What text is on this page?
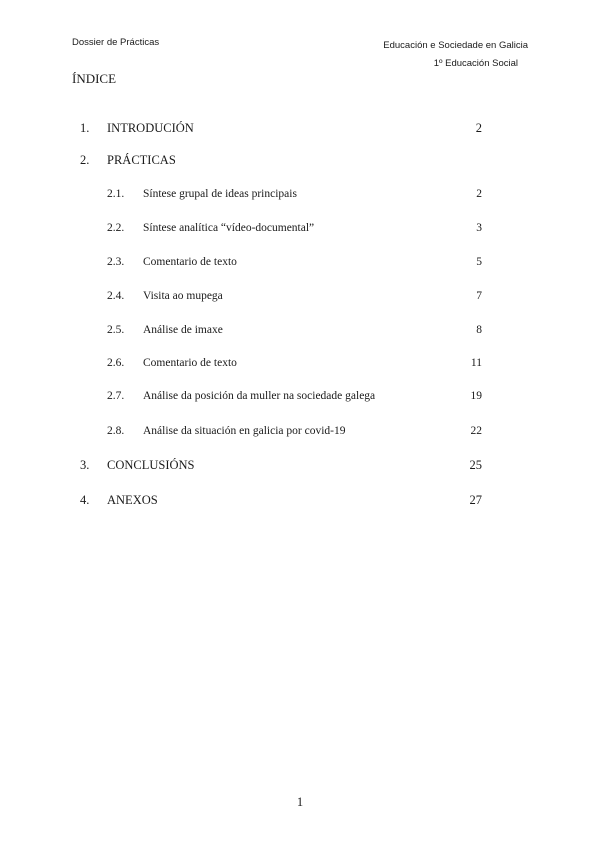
Dossier de Prácticas	Educación e Sociedade en Galicia
1º Educación Social
ÍNDICE
1. INTRODUCIÓN	2
2. PRÁCTICAS
2.1. Síntese grupal de ideas principais	2
2.2. Síntese analítica “vídeo-documental”	3
2.3. Comentario de texto	5
2.4. Visita ao mupega	7
2.5. Análise de imaxe	8
2.6. Comentario de texto	11
2.7. Análise da posición da muller na sociedade galega	19
2.8. Análise da situación en galicia por covid-19	22
3. CONCLUSIÓNS	25
4. ANEXOS	27
1
